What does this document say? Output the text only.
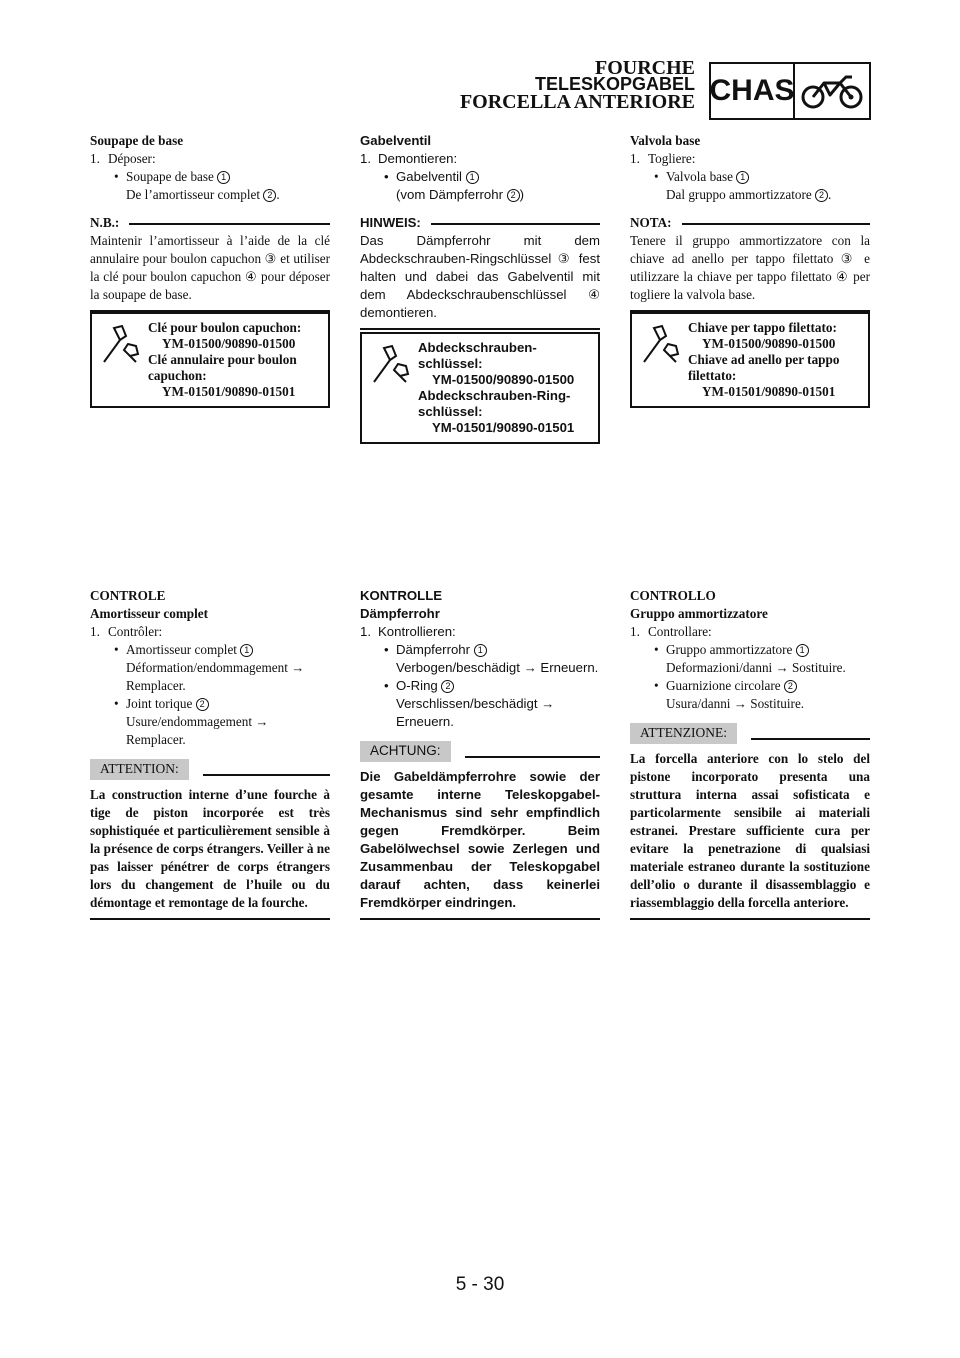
FOURCHE
TELESKOPGABEL
FORCELLA ANTERIORE CHAS

Soupape de base

1. Déposer:
• Soupape de base 1

De l’amortisseur complet 2 .

N.B.:

Maintenir l’amortisseur à l’aide de la clé annulaire pour boulon capuchon ③ et utiliser la clé pour boulon capuchon ④ pour déposer la soupape de base.

Clé pour boulon capuchon:
YM-01500/90890-01500
Clé annulaire pour boulon capuchon:
YM-01501/90890-01501

Gabelventil

1. Demontieren:
• Gabelventil 1

(vom Dämpferrohr 2 )

HINWEIS:

Das Dämpferrohr mit dem Abdeckschrauben-Ringschlüssel ③ fest halten und dabei das Gabelventil mit dem Abdeckschraubenschlüssel ④ demontieren.

Abdeckschrauben-schlüssel:
YM-01500/90890-01500
Abdeckschrauben-Ring-schlüssel:
YM-01501/90890-01501

Valvola base

1. Togliere:
• Valvola base 1

Dal gruppo ammortizzatore 2 .

NOTA:

Tenere il gruppo ammortizzatore con la chiave ad anello per tappo filettato ③ e utilizzare la chiave per tappo filettato ④ per togliere la valvola base.

Chiave per tappo filettato:
YM-01500/90890-01500
Chiave ad anello per tappo filettato:
YM-01501/90890-01501

CONTROLE

Amortisseur complet

1. Contrôler:
• Amortisseur complet 1

Déformation/endommagement → Remplacer.

• Joint torique 2

Usure/endommagement → Remplacer.

ATTENTION:

La construction interne d’une fourche à tige de piston incorporée est très sophistiquée et particulièrement sensible à la présence de corps étrangers. Veiller à ne pas laisser pénétrer de corps étrangers lors du changement de l’huile ou du démontage et remontage de la fourche.

KONTROLLE

Dämpferrohr

1. Kontrollieren:
• Dämpferrohr 1

Verbogen/beschädigt → Erneuern.

• O-Ring 2

Verschlissen/beschädigt → Erneuern.

ACHTUNG:

Die Gabeldämpferrohre sowie der gesamte interne Teleskopgabel-Mechanismus sind sehr empfindlich gegen Fremdkörper. Beim Gabelölwechsel sowie Zerlegen und Zusammenbau der Teleskopgabel darauf achten, dass keinerlei Fremdkörper eindringen.

CONTROLLO

Gruppo ammortizzatore

1. Controllare:
• Gruppo ammortizzatore 1

Deformazioni/danni → Sostituire.

• Guarnizione circolare 2

Usura/danni → Sostituire.

ATTENZIONE:

La forcella anteriore con lo stelo del pistone incorporato presenta una struttura interna assai sofisticata e particolarmente sensibile ai materiali estranei. Prestare sufficiente cura per evitare la penetrazione di qualsiasi materiale estraneo durante la sostituzione dell’olio o durante il disassemblaggio e riassemblaggio della forcella anteriore.

5 - 30
